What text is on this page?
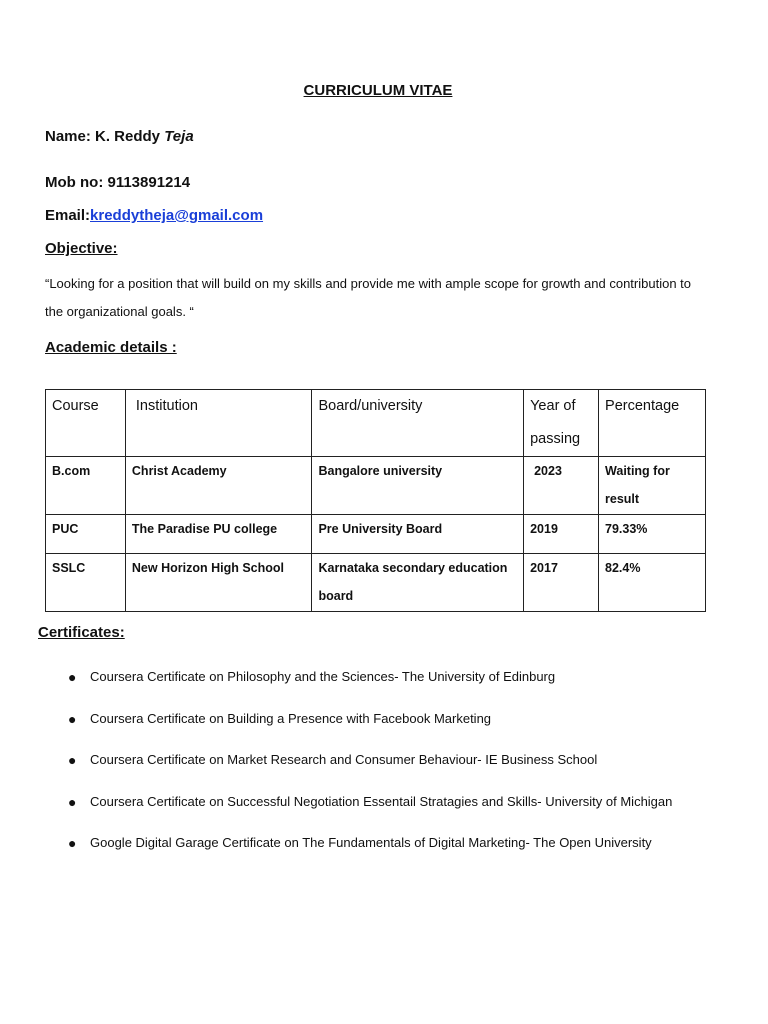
CURRICULUM VITAE
Name: K. Reddy Teja
Mob no: 9113891214
Email:kreddytheja@gmail.com
Objective:
“Looking for a position that will build on my skills and provide me with ample scope for growth and contribution to the organizational goals. “
Academic details :
Course	Institution	Board/university	Year of passing	Percentage
B.com	Christ Academy	Bangalore university	2023	Waiting for result
PUC	The Paradise PU college	Pre University Board	2019	79.33%
SSLC	New Horizon High School	Karnataka secondary education board	2017	82.4%
Certificates:
● Coursera Certificate on Philosophy and the Sciences- The University of Edinburg
● Coursera Certificate on Building a Presence with Facebook Marketing
● Coursera Certificate on Market Research and Consumer Behaviour- IE Business School
● Coursera Certificate on Successful Negotiation Essentail Stratagies and Skills- University of Michigan
● Google Digital Garage Certificate on The Fundamentals of Digital Marketing- The Open University
